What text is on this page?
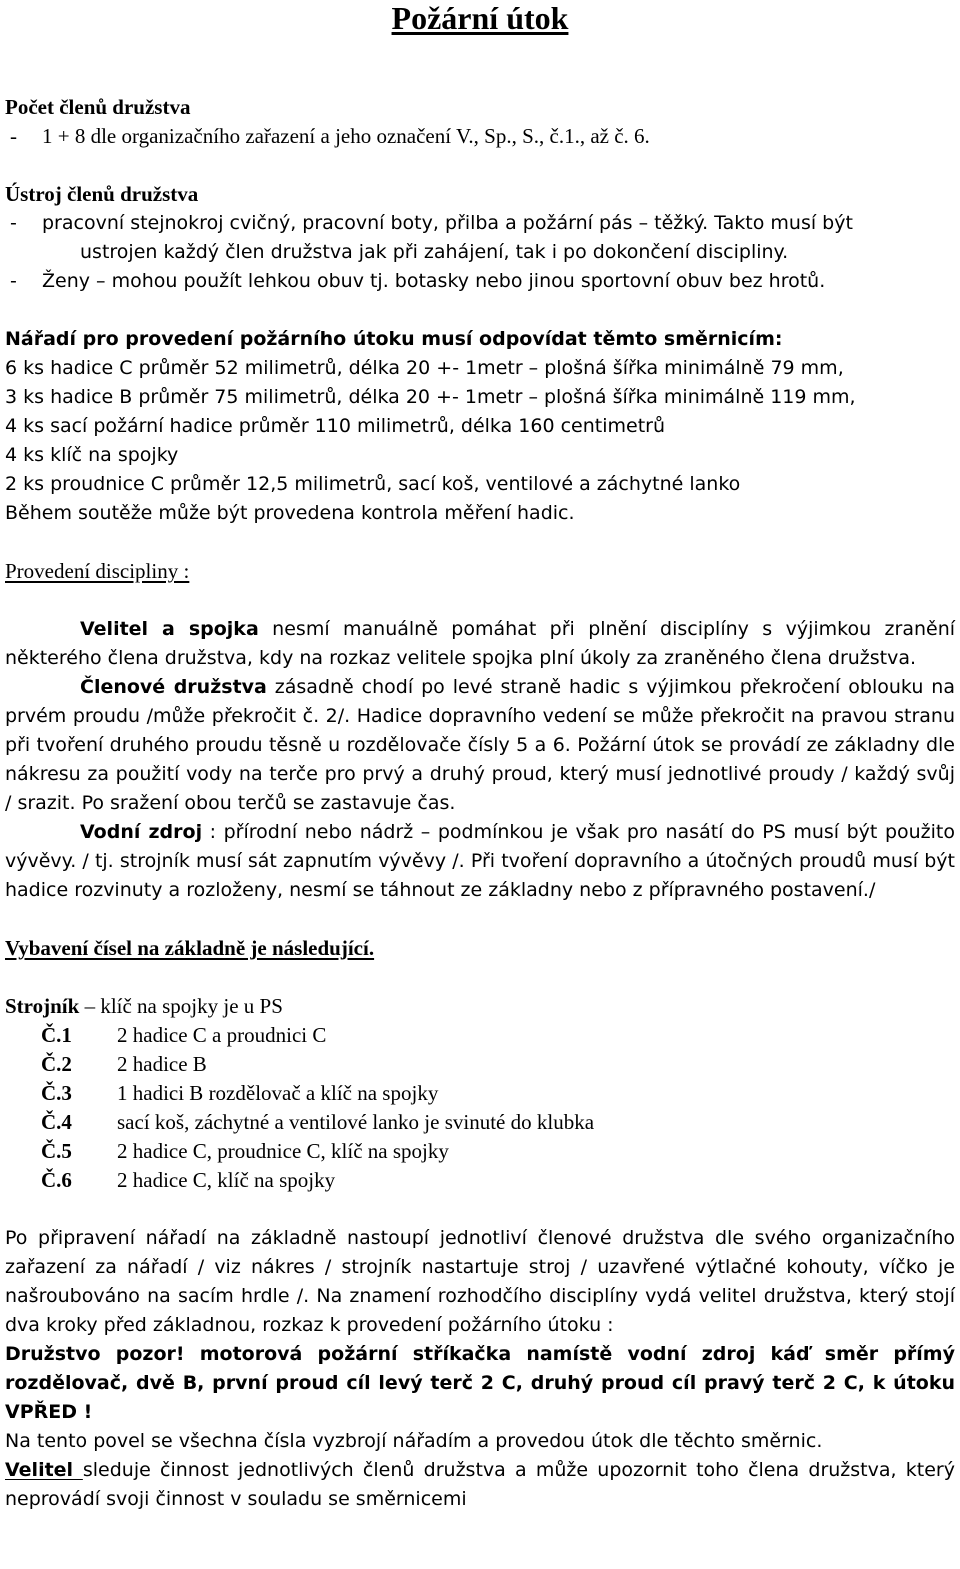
Požární útok

Počet členů družstva

- 1 + 8 dle organizačního zařazení a jeho označení V., Sp., S., č.1., až č. 6.

Ústroj členů družstva

- pracovní stejnokroj cvičný, pracovní boty, přilba a požární pás – těžký. Takto musí být

ustrojen každý člen družstva jak při zahájení, tak i po dokončení discipliny.

- Ženy – mohou použít lehkou obuv tj. botasky nebo jinou sportovní obuv bez hrotů.

Nářadí pro provedení požárního útoku musí odpovídat těmto směrnicím:

6 ks hadice C průměr 52 milimetrů, délka 20 +- 1metr – plošná šířka minimálně 79 mm,

3 ks hadice B průměr 75 milimetrů, délka 20 +- 1metr – plošná šířka minimálně 119 mm,

4 ks sací požární hadice průměr 110 milimetrů, délka 160 centimetrů

4 ks klíč na spojky

2 ks proudnice C průměr 12,5 milimetrů, sací koš, ventilové a záchytné lanko

Během soutěže může být provedena kontrola měření hadic.

Provedení discipliny :

Velitel a spojka nesmí manuálně pomáhat při plnění disciplíny s výjimkou zranění některého člena družstva, kdy na rozkaz velitele spojka plní úkoly za zraněného člena družstva.

Členové družstva zásadně chodí po levé straně hadic s výjimkou překročení oblouku na prvém proudu /může překročit č. 2/. Hadice dopravního vedení se může překročit na pravou stranu při tvoření druhého proudu těsně u rozdělovače čísly 5 a 6. Požární útok se provádí ze základny dle nákresu za použití vody na terče pro prvý a druhý proud, který musí jednotlivé proudy / každý svůj / srazit. Po sražení obou terčů se zastavuje čas.

Vodní zdroj : přírodní nebo nádrž – podmínkou je však pro nasátí do PS musí být použito vývěvy. / tj. strojník musí sát zapnutím vývěvy /. Při tvoření dopravního a útočných proudů musí být hadice rozvinuty a rozloženy, nesmí se táhnout ze základny nebo z přípravného postavení./

Vybavení čísel na základně je následující.

Strojník – klíč na spojky je u PS

Č.1	2 hadice C a proudnici C
Č.2	2 hadice B
Č.3	1 hadici B rozdělovač a klíč na spojky
Č.4	sací koš, záchytné a ventilové lanko je svinuté do klubka
Č.5	2 hadice C, proudnice C, klíč na spojky
Č.6	2 hadice C, klíč na spojky

Po připravení nářadí na základně nastoupí jednotliví členové družstva dle svého organizačního zařazení za nářadí / viz nákres / strojník nastartuje stroj / uzavřené výtlačné kohouty, víčko je našroubováno na sacím hrdle /. Na znamení rozhodčího disciplíny vydá velitel družstva, který stojí dva kroky před základnou, rozkaz k provedení požárního útoku :

Družstvo pozor! motorová požární stříkačka namístě vodní zdroj káď směr přímý rozdělovač, dvě B, první proud cíl levý terč 2 C, druhý proud cíl pravý terč 2 C, k útoku VPŘED !

Na tento povel se všechna čísla vyzbrojí nářadím a provedou útok dle těchto směrnic.

Velitel sleduje činnost jednotlivých členů družstva a může upozornit toho člena družstva, který neprovádí svoji činnost v souladu se směrnicemi
